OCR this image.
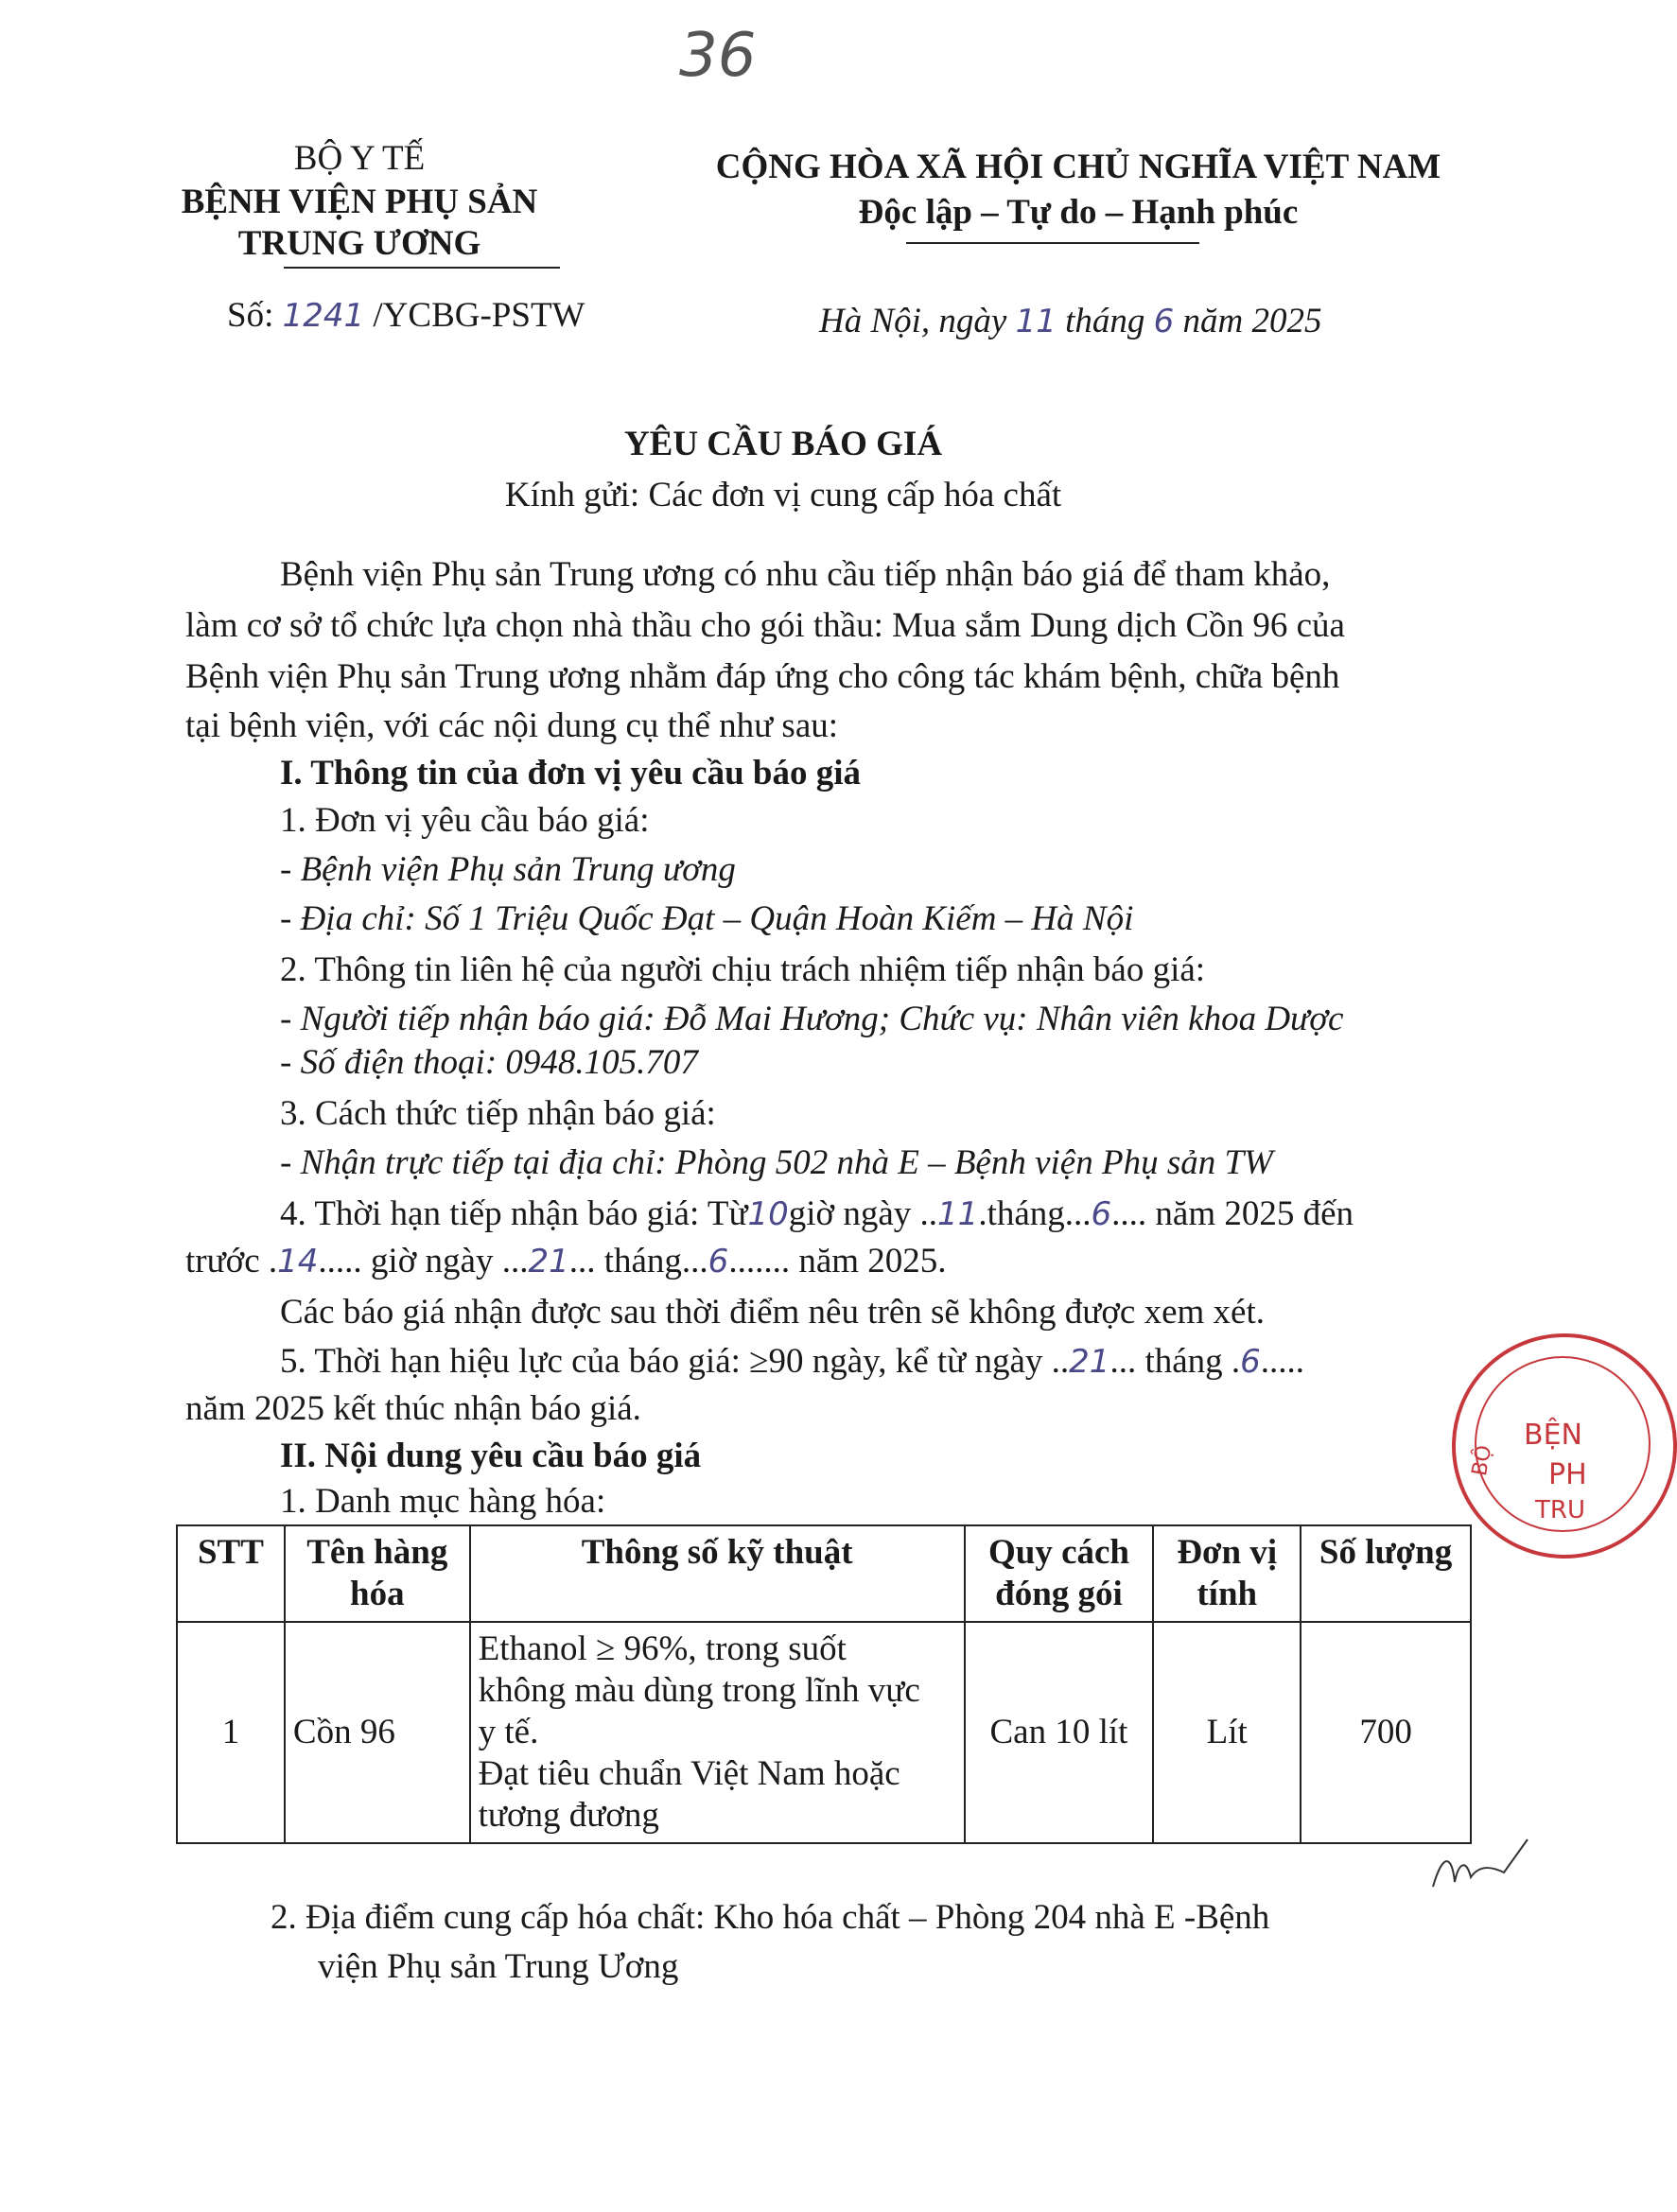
36
BỘ Y TẾ
BỆNH VIỆN PHỤ SẢN
TRUNG ƯƠNG
CỘNG HÒA XÃ HỘI CHỦ NGHĨA VIỆT NAM
Độc lập – Tự do – Hạnh phúc
Số: 1241 /YCBG-PSTW	Hà Nội, ngày 11 tháng 6 năm 2025
YÊU CẦU BÁO GIÁ
Kính gửi: Các đơn vị cung cấp hóa chất
Bệnh viện Phụ sản Trung ương có nhu cầu tiếp nhận báo giá để tham khảo,
làm cơ sở tổ chức lựa chọn nhà thầu cho gói thầu: Mua sắm Dung dịch Cồn 96 của
Bệnh viện Phụ sản Trung ương nhằm đáp ứng cho công tác khám bệnh, chữa bệnh
tại bệnh viện, với các nội dung cụ thể như sau:
I. Thông tin của đơn vị yêu cầu báo giá
1. Đơn vị yêu cầu báo giá:
- Bệnh viện Phụ sản Trung ương
- Địa chỉ: Số 1 Triệu Quốc Đạt – Quận Hoàn Kiếm – Hà Nội
2. Thông tin liên hệ của người chịu trách nhiệm tiếp nhận báo giá:
- Người tiếp nhận báo giá: Đỗ Mai Hương; Chức vụ: Nhân viên khoa Dược
- Số điện thoại: 0948.105.707
3. Cách thức tiếp nhận báo giá:
- Nhận trực tiếp tại địa chỉ: Phòng 502 nhà E – Bệnh viện Phụ sản TW
4. Thời hạn tiếp nhận báo giá: Từ10giờ ngày ..11.tháng...6.... năm 2025 đến
trước .14..... giờ ngày ...21... tháng...6....... năm 2025.
Các báo giá nhận được sau thời điểm nêu trên sẽ không được xem xét.
5. Thời hạn hiệu lực của báo giá: ≥90 ngày, kể từ ngày ..21... tháng .6.....
năm 2025 kết thúc nhận báo giá.
II. Nội dung yêu cầu báo giá
1. Danh mục hàng hóa:
STT	Tên hàng hóa	Thông số kỹ thuật	Quy cách đóng gói	Đơn vị tính	Số lượng
1	Cồn 96	Ethanol ≥ 96%, trong suốt
không màu dùng trong lĩnh vực
y tế.
Đạt tiêu chuẩn Việt Nam hoặc
tương đương	Can 10 lít	Lít	700
2. Địa điểm cung cấp hóa chất: Kho hóa chất – Phòng 204 nhà E -Bệnh
viện Phụ sản Trung Ương
BỆN
PH
TRU
BỘ
